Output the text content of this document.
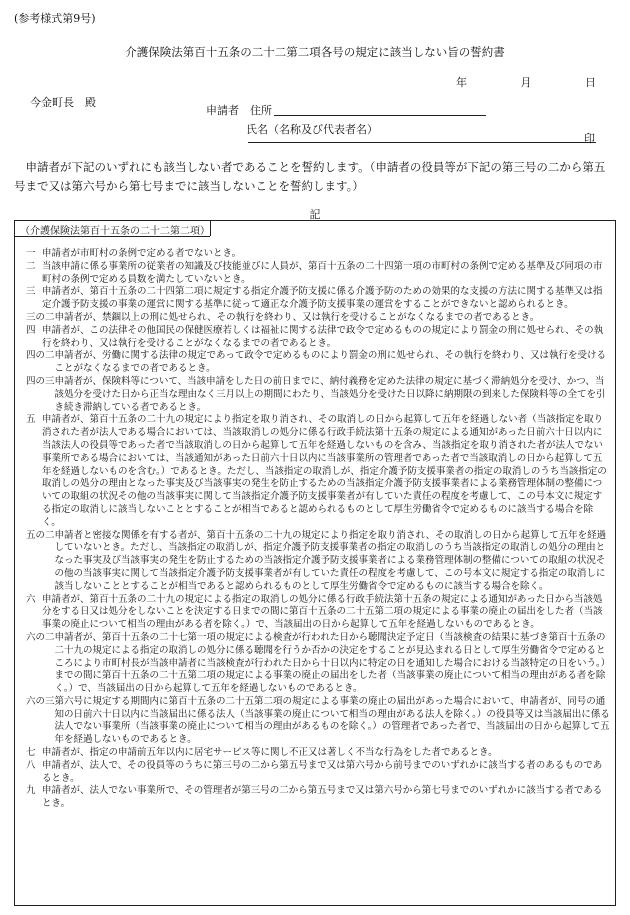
(参考様式第9号)
介護保険法第百十五条の二十二第二項各号の規定に該当しない旨の誓約書
年	月	日
今金町長　殿
申請者　住所
氏名（名称及び代表者名）
印
申請者が下記のいずれにも該当しない者であることを誓約します。（申請者の役員等が下記の第三号の二から第五号まで又は第六号から第七号までに該当しないことを誓約します。）
記
（介護保険法第百十五条の二十二第二項）
一 申請者が市町村の条例で定める者でないとき。
二 当該申請に係る事業所の従業者の知識及び技能並びに人員が、第百十五条の二十四第一項の市町村の条例で定める基準及び同項の市町村の条例で定める員数を満たしていないとき。
三 申請者が、第百十五条の二十四第二項に規定する指定介護予防支援に係る介護予防のための効果的な支援の方法に関する基準又は指定介護予防支援の事業の運営に関する基準に従って適正な介護予防支援事業の運営をすることができないと認められるとき。
三の二 申請者が、禁錮以上の刑に処せられ、その執行を終わり、又は執行を受けることがなくなるまでの者であるとき。
四 申請者が、この法律その他国民の保健医療若しくは福祉に関する法律で政令で定めるものの規定により罰金の刑に処せられ、その執行を終わり、又は執行を受けることがなくなるまでの者であるとき。
四の二 申請者が、労働に関する法律の規定であって政令で定めるものにより罰金の刑に処せられ、その執行を終わり、又は執行を受けることがなくなるまでの者であるとき。
四の三 申請者が、保険料等について、当該申請をした日の前日までに、納付義務を定めた法律の規定に基づく滞納処分を受け、かつ、当該処分を受けた日から正当な理由なく三月以上の期間にわたり、当該処分を受けた日以降に納期限の到来した保険料等の全てを引き続き滞納している者であるとき。
五 申請者が、第百十五条の二十九の規定により指定を取り消され、その取消しの日から起算して五年を経過しない者（当該指定を取り消された者が法人である場合においては、当該取消しの処分に係る行政手続法第十五条の規定による通知があった日前六十日以内に当該法人の役員等であった者で当該取消しの日から起算して五年を経過しないものを含み、当該指定を取り消された者が法人でない事業所である場合においては、当該通知があった日前六十日以内に当該事業所の管理者であった者で当該取消しの日から起算して五年を経過しないものを含む。）であるとき。ただし、当該指定の取消しが、指定介護予防支援事業者の指定の取消しのうち当該指定の取消しの処分の理由となった事実及び当該事実の発生を防止するための当該指定介護予防支援事業者による業務管理体制の整備についての取組の状況その他の当該事実に関して当該指定介護予防支援事業者が有していた責任の程度を考慮して、この号本文に規定する指定の取消しに該当しないこととすることが相当であると認められるものとして厚生労働省令で定めるものに該当する場合を除く。
五の二 申請者と密接な関係を有する者が、第百十五条の二十九の規定により指定を取り消され、その取消しの日から起算して五年を経過していないとき。ただし、当該指定の取消しが、指定介護予防支援事業者の指定の取消しのうち当該指定の取消しの処分の理由となった事実及び当該事実の発生を防止するための当該指定介護予防支援事業者による業務管理体制の整備についての取組の状況その他の当該事実に関して当該指定介護予防支援事業者が有していた責任の程度を考慮して、この号本文に規定する指定の取消しに該当しないこととすることが相当であると認められるものとして厚生労働省令で定めるものに該当する場合を除く。
六 申請者が、第百十五条の二十九の規定による指定の取消しの処分に係る行政手続法第十五条の規定による通知があった日から当該処分をする日又は処分をしないことを決定する日までの間に第百十五条の二十五第二項の規定による事業の廃止の届出をした者（当該事業の廃止について相当の理由がある者を除く。）で、当該届出の日から起算して五年を経過しないものであるとき。
六の二 申請者が、第百十五条の二十七第一項の規定による検査が行われた日から聴聞決定予定日（当該検査の結果に基づき第百十五条の二十九の規定による指定の取消しの処分に係る聴聞を行うか否かの決定をすることが見込まれる日として厚生労働省令で定めるところにより市町村長が当該申請者に当該検査が行われた日から十日以内に特定の日を通知した場合における当該特定の日をいう。）までの間に第百十五条の二十五第二項の規定による事業の廃止の届出をした者（当該事業の廃止について相当の理由がある者を除く。）で、当該届出の日から起算して五年を経過しないものであるとき。
六の三 第六号に規定する期間内に第百十五条の二十五第二項の規定による事業の廃止の届出があった場合において、申請者が、同号の通知の日前六十日以内に当該届出に係る法人（当該事業の廃止について相当の理由がある法人を除く。）の役員等又は当該届出に係る法人でない事業所（当該事業の廃止について相当の理由があるものを除く。）の管理者であった者で、当該届出の日から起算して五年を経過しないものであるとき。
七 申請者が、指定の申請前五年以内に居宅サービス等に関し不正又は著しく不当な行為をした者であるとき。
八 申請者が、法人で、その役員等のうちに第三号の二から第五号まで又は第六号から前号までのいずれかに該当する者のあるものであるとき。
九 申請者が、法人でない事業所で、その管理者が第三号の二から第五号まで又は第六号から第七号までのいずれかに該当する者であるとき。
